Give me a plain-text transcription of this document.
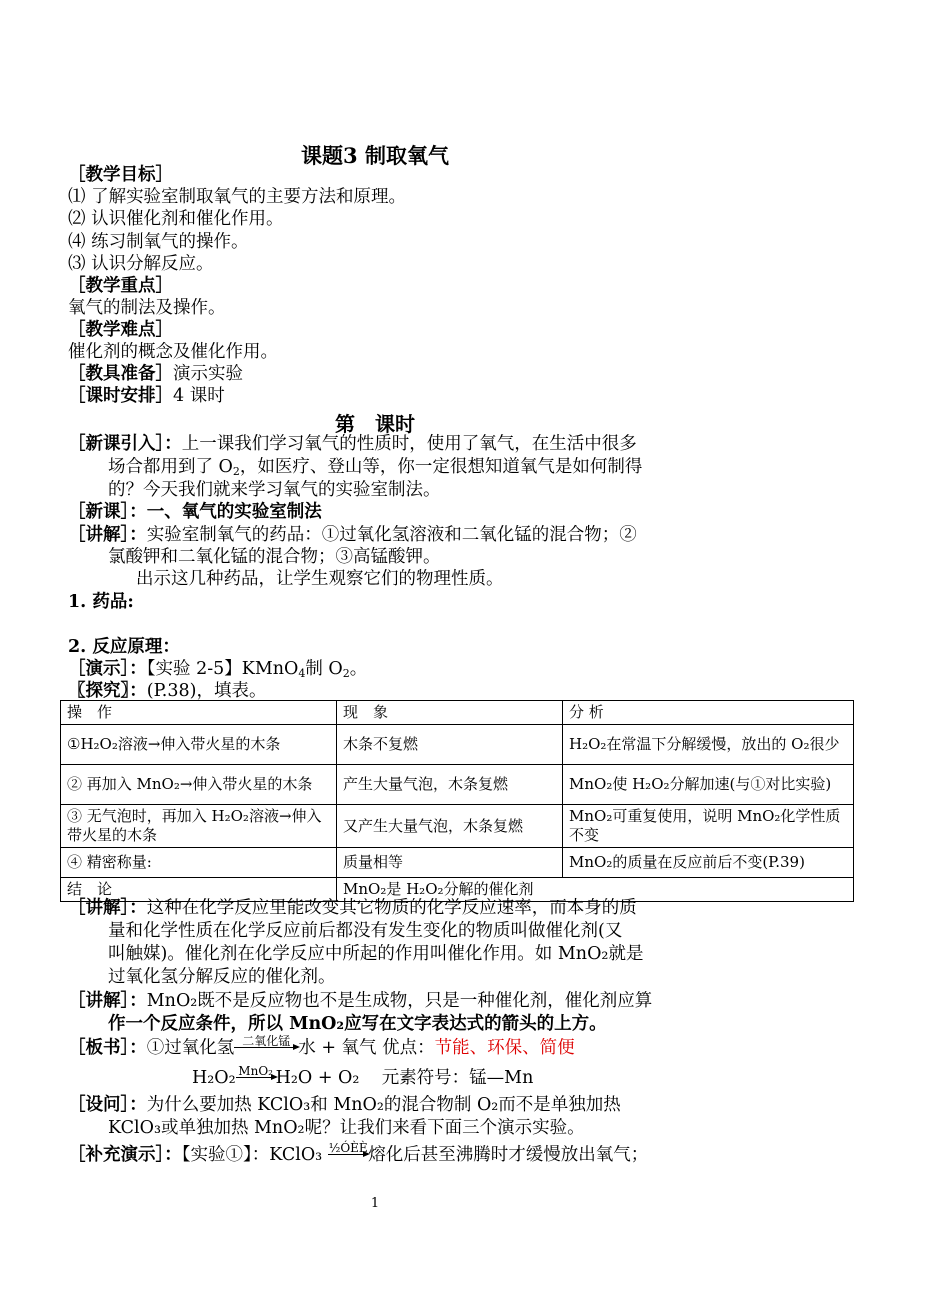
课题3 制取氧气
［教学目标］
⑴ 了解实验室制取氧气的主要方法和原理。
⑵ 认识催化剂和催化作用。
⑷ 练习制氧气的操作。
⑶ 认识分解反应。
［教学重点］
氧气的制法及操作。
［教学难点］
催化剂的概念及催化作用。
［教具准备］演示实验
［课时安排］4 课时
第　课时
［新课引入］：上一课我们学习氧气的性质时，使用了氧气，在生活中很多
场合都用到了 $O_2$，如医疗、登山等，你一定很想知道氧气是如何制得
的？今天我们就来学习氧气的实验室制法。
［新课］：一、氧气的实验室制法
［讲解］：实验室制氧气的药品：①过氧化氢溶液和二氧化锰的混合物；②
氯酸钾和二氧化锰的混合物；③高锰酸钾。
出示这几种药品，让学生观察它们的物理性质。
1. 药品:
2. 反应原理：
［演示］：【实验 2-5】KMnO$_4$制 $O_2$。
〖探究〗：(P.38)，填表。
操　作	现　象	分 析
①H₂O₂溶液→伸入带火星的木条	木条不复燃	H₂O₂在常温下分解缓慢，放出的 O₂很少
② 再加入 MnO₂→伸入带火星的木条	产生大量气泡，木条复燃	MnO₂使 H₂O₂分解加速(与①对比实验)
③ 无气泡时，再加入 H₂O₂溶液→伸入带火星的木条	又产生大量气泡，木条复燃	MnO₂可重复使用，说明 MnO₂化学性质不变
④ 精密称量:	质量相等	MnO₂的质量在反应前后不变(P.39)
结　论	MnO₂是 H₂O₂分解的催化剂	
［讲解］：这种在化学反应里能改变其它物质的化学反应速率，而本身的质
量和化学性质在化学反应前后都没有发生变化的物质叫做催化剂(又
叫触媒)。催化剂在化学反应中所起的作用叫催化作用。如 MnO₂就是
过氧化氢分解反应的催化剂。
［讲解］：MnO₂既不是反应物也不是生成物，只是一种催化剂，催化剂应算
作一个反应条件，所以 MnO₂应写在文字表达式的箭头的上方。
［板书］：①过氧化氢 二氧化锰 水 + 氧气 优点：节能、环保、简便
H₂O₂ MnO₂ H₂O + O₂ 元素符号：锰—Mn
［设问］：为什么要加热 KClO₃和 MnO₂的混合物制 O₂而不是单独加热
KClO₃或单独加热 MnO₂呢？让我们来看下面三个演示实验。
［补充演示］：【实验①】：KClO₃ ½ÓÈÈ 熔化后甚至沸腾时才缓慢放出氧气；
1
